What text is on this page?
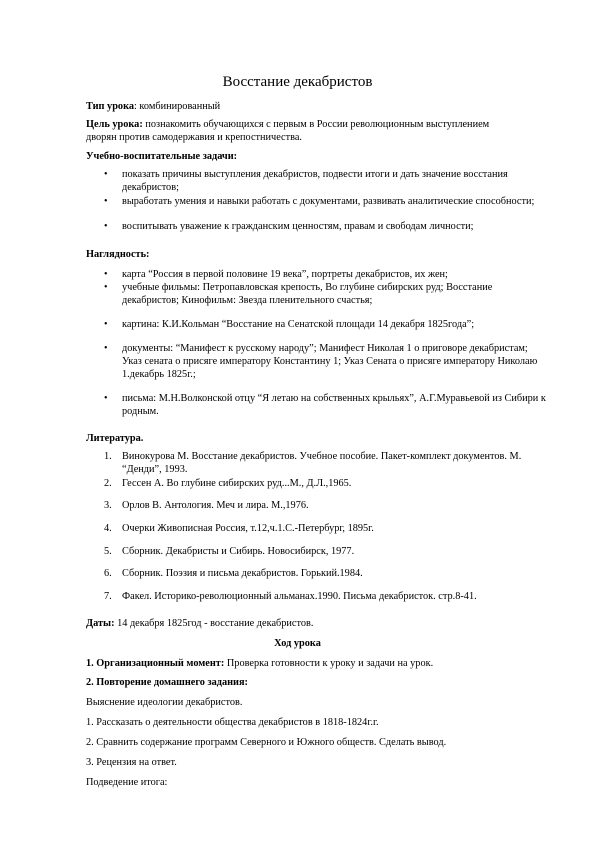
Восстание декабристов
Тип урока: комбинированный
Цель урока: познакомить обучающихся с первым в России революционным выступлением
дворян против самодержавия и крепостничества.
Учебно-воспитательные задачи:
• показать причины выступления декабристов, подвести итоги и дать значение восстания
декабристов;
• выработать умения и навыки работать с документами, развивать аналитические способности;
• воспитывать уважение к гражданским ценностям, правам и свободам личности;
Наглядность:
• карта “Россия в первой половине 19 века”, портреты декабристов, их жен;
• учебные фильмы: Петропавловская крепость, Во глубине сибирских руд; Восстание
декабристов; Кинофильм: Звезда пленительного счастья;
• картина: К.И.Кольман “Восстание на Сенатской площади 14 декабря 1825года”;
• документы: “Манифест к русскому народу”; Манифест Николая 1 о приговоре декабристам;
Указ сената о присяге императору Константину 1; Указ Сената о присяге императору Николаю
1.декабрь 1825г.;
• письма: М.Н.Волконской отцу “Я летаю на собственных крыльях”, А.Г.Муравьевой из Сибири к
родным.
Литература.
1. Винокурова М. Восстание декабристов. Учебное пособие. Пакет-комплект документов. М.
“Денди”, 1993.
2. Гессен А. Во глубине сибирских руд...М., Д.Л.,1965.
3. Орлов В. Антология. Меч и лира. М.,1976.
4. Очерки Живописная Россия, т.12,ч.1.С.-Петербург, 1895г.
5. Сборник. Декабристы и Сибирь. Новосибирск, 1977.
6. Сборник. Поэзия и письма декабристов. Горький.1984.
7. Факел. Историко-революционный альманах.1990. Письма декабристок. стр.8-41.
Даты: 14 декабря 1825год - восстание декабристов.
Ход урока
1. Организационный момент: Проверка готовности к уроку и задачи на урок.
2. Повторение домашнего задания:
Выяснение идеологии декабристов.
1. Рассказать о деятельности общества декабристов в 1818-1824г.г.
2. Сравнить содержание программ Северного и Южного обществ. Сделать вывод.
3. Рецензия на ответ.
Подведение итога:
